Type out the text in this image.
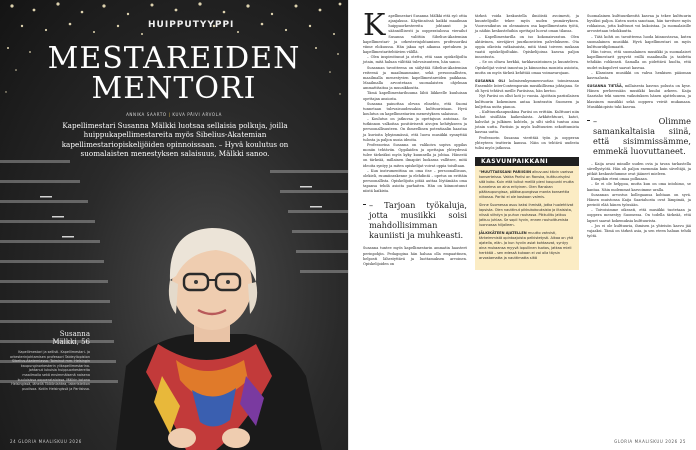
HUIPPUTYYPPI
MESTAREIDEN
MENTORI
ANNIKA SAARTO | KUVA PÄIVI ARVOLA

Kapellimestari Susanna Mälkki luotsaa sellaisia polkuja, joilla huippukapellimestareita myös Sibelius-Akatemian kapellimestariopiskelijöiden opinnoissaan. – Hyvä koulutus on suomalaisten menestyksen salaisuus, Mälkki sanoo.

Susanna
Mälkki, 56

Kapellimestari ja sellisti. Kapellimestari- ja orkesterinjohtamisen professori Taideyliopiston Sibelius-Akatemiassa. Toiminut mm. Helsingin kaupunginorkesterin ylikapellimestarina. Johtanut lukuisia huippuorkestereita maailmalla sekä ensimmäisenä naisena kuuluisissa oopperataloissa. Mälkin kotona Helsingissä, lähellä Töölönlahtea, lakeristeikon puolisoa. Kotiin Helsingissä ja Pariisissa.

24 GLORIA MAALISKUU 2026

Kapellimestari Susanna Mälkki että syö ottia ajanjaksoa. Käytännössä kaikki maailman huippuorkestereita johtanut ja säännöllisesti ja oopperatalossa vierailut Susanna valittiin Sibelius-Akatemian kapellimestari- ja orkesterinjohtamisen professoriksi viime elokuussa. Hän jakaa nyt aikansa opetuksen ja kapellimestaritehtävien välillä.

– Olen inspiroitunut ja otettu, että saan opiskelijoilta jotain, mitä haluan välittää tulevaisuuteen, hän sanoo.

Susannan tavoitteena on säilyttää Sibelius-Akatemian reiteenä ja maailmanmaine, sekä persoonallisten, maailmalla menestyvien kapellimestareiden paikkana. Maailmalla arvostetaan suomalaisten ohjelman ammattitaitoa ja muusikkoutta.

Tämä kapellimestarihuuma lähti liikkeelle kuuluisan opettajan ansiosta.

Susanna painottaa olevan elinehto, että Suomi tunnetaan tulevaisuudessakin kulttuuristaan. Hyvä koulutus on kapellimestarien menestyksen salaisuus.

– Koulutus on jatkuvaa ja opettajuus antoisaa. Se tutkinnon valkoitaa positiivisesti aivojen kehitykseen ja persoonallisuuteen. On ihmeellinen potentiaalin haastaa ja kuvioita lyhyimmässä, että luova musiikki synnyttää tulosta ja paljon uusia ideoita.

Professorina Susanna on valikoiva sopiva oppilas moniin tehtäviin. Oppilaiden ja opettajan yhteydessä tulee tärkeäksi myös kyky kuunnella ja johtaa. Hänestä on tärkeää, millainen ilmapiiri luokassa vallitsee, mitä ideoita syntyy ja miten opiskelijat voivat oppia toisiltaan.

– Kun instrumenttina on oma itse – persoonallisuus, olekieli, ruumiinrakenne ja elehdintä – opetus on erittäin persoonallista. Opiskelijoita pitää auttaa löytämään oma tapansa tehdä asioita parhaiten. Hän on kiinnostunut niistä kaikista.

– Tarjoan työkaluja, jotta musiikki soisi mahdollisimman kauniisti ja muhkeasti.

Susanna tuntee myös kapellimestarin ammatin haasteet perinpohjin. Pedagogina hän haluaa olla empaattinen, helposti lähestyttävä ja luottamuksen arvoinen. Opiskelijoiden on

tärkeä voida keskustella ilmiöistä avoimesti, ja kuuntelijoille tekee myös uuden ymmärryksen. Vuorovaikutus on olennainen osa kapellimestarin työtä, ja näihin keskusteluihin opettajat luovat oman tilansa.

– Kapellimestarilla on iso kokonaisvastuu. Olen aktiivinen, sieväjärvi juurikoseisten palvelukseen. Ota oppia oikeista ratkaisuista, mitä tämä toiveen mukaan vaatii opiskelijoiltakin. Opiskelijoissa kasvaa paljon innostusta.

– Se on oltava herkkä, tarkkavaistoinen ja kuunteleva. Opiskelijat voivat innostua ja kiinnostua monista asioista, mutta on myös tärkeä kehittää omaa voimavarojaan.

SUSANNA OLI kolmisenkymmenvuotias toimiessaan Ensemble InterContemporain musiikillisena johtajana. Se oli hyvä tehtävä meille Pariisissa, hän kertoo.

Nyt Pariisi on ollut koti jo vuosia. Ajoittain pariisilaisen kulttuurin kokeminen antaa kontrastin Suomeen ja kuljettaa uutta pianoa.

– Kulttuurikaupunkina Pariisi on erittäin. Kulttuuri niin huhut sisällään kaikenlaista. Arkkitehtuuri, katot, kahvilat ja julkinen kohtelu, ja silti sieltä tuntuu aina jotain uutta. Pariisin ja myös kulttuurien sekoittumista kasvaa uutta.

Professorin Susanna vierittää työn ja oopperan yhteyteen teatterin kanssa. Näin on tehtävä uudesta tulisi myös jatkossa.

KASVUNPAIKKANI

"MUUTTAESSANI PARIISIIN alkuvuosi kävin useissa konserteissa. Vakka Pariisi on Ranska, kulttuurisyksi sitä koko. Kuin että tulkut meillä pieni kaupunki mutta tunnelma on aina erityinen. Olen Ranskan pääkaupungissa, pääkaupungissa monta konserttia viikossa. Pariisi ei ole koskaan valmis.

Sinne Suomessa asuu kaksi ihmistä, jotka huolehtivat lapsista. Olen nauttinut pikkukokouksista ja iltaisista, niissä viihdyn ja puhun rauhassa. Pikkuliitu jatkuu jatkuu juhlaa. Se sopii hyvin, ennen rauhoittumista luonnossa hiljalleen.

JÄLKIKÄTEEN AJATELLEN muutto vahvisti, tärkeimmistä opintoajoista pelkistetysti. Aikaa on yhä ajatella, elän. Ja kun hyviin asiat kohtaavat, syntyy aina mukaansa myyvä lopullinen tuotos, jatkaa mieli herkkää – sen edessä kukaan ei voi olla täysin arvostamatta ja nauttimatta siitä

Suomalainen kulttuurikenttä kasvaa ja tekee kulttuurin hyväksi paljon. Kuten usein sanotaan, hän tarvitsee myös rohkaisua, jotta kulttuuri voi kukoistaa. Ja suomalaisille arvostetaan tehokkuutta.

– Tätä kohti on tavoitteena luoda kiinnostavaa, kuten suomalainen musiikki. Hyvä kapellimestari on myös kulttuuridiplomaatti.

Hän toivoo, että suomalainen musiikki ja suomalaiset kapellimestarit pysyvät esillä maailmalla ja taidetta tehdään rohkeasti. Samalla on pidettävä huolta, että uudet sukupolvet saavat kasvaa.

– Klassinen musiikki on vahva henkisen pääoman kasvualusta.

SUSANNA TIETÄÄ, millaisesta kasvun polusta on kyse. Hänen perheessään musiikki kuului arkeen. Kaija Saariaho teki suuren vaikutuksen hänen ajatteluunsa, ja klassinen musiikki sekä ooppera veivät mukanaan. Musiikkiopisto tuki kasvua.

– Olimme samankaltaisia siinä, että sisimmissämme, emmekä luovuttaneet.

– Kaija avasi minulle uuden ovia ja tavan tarkastella sävellystyötä. Hän oli paljon enemmän kuin säveltäjä, ja pitkät keskustelumme ovat jääneet mieleen.

Kumpikin eteni omaa polkuaan.

– Se ei ole helppoa, mutta kun on oma intohimo, se kantaa. Näin molemmat kasvoimme uralla.

Susannan arvostus kollegaansa kohtaan on syvä. Hänen muistonsa Kaija Saariahosta ovat lämpimiä, ja perintö elää hänen työssään.

– Toivoisimme oikeasti, että musiikki tuotetaan ja ooppera menestyy Suomessa. On todella tärkeää, että lapset saavat kokemuksia kulttuurista.

– Jos ei ole kulttuuria, ihmisen ja yhteisön kasvu jää vajaaksi. Tämä on tärkeä asia, ja sen eteen haluan tehdä työtä.

GLORIA MAALISKUU 2026 25
